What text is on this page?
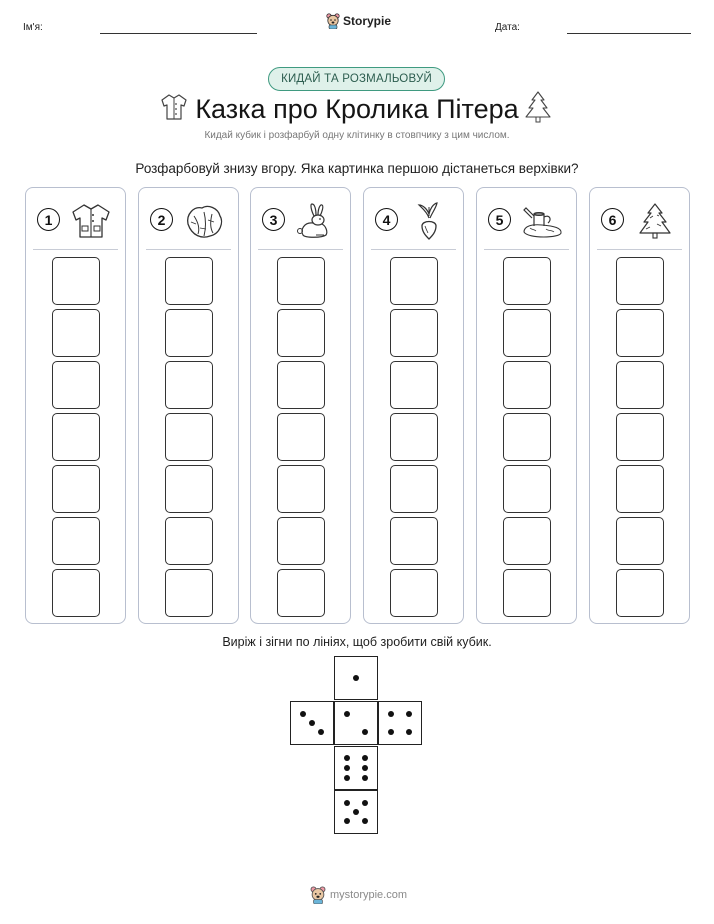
Ім'я:	Storypie	Дата:
КИДАЙ ТА РОЗМАЛЬОВУЙ
Казка про Кролика Пітера
Кидай кубик і розфарбуй одну клітинку в стовпчику з цим числом.
Розфарбовуй знизу вгору. Яка картинка першою дістанеться верхівки?
1	2	3	4	5	6
Виріж і зігни по лініях, щоб зробити свій кубик.
mystorypie.com
